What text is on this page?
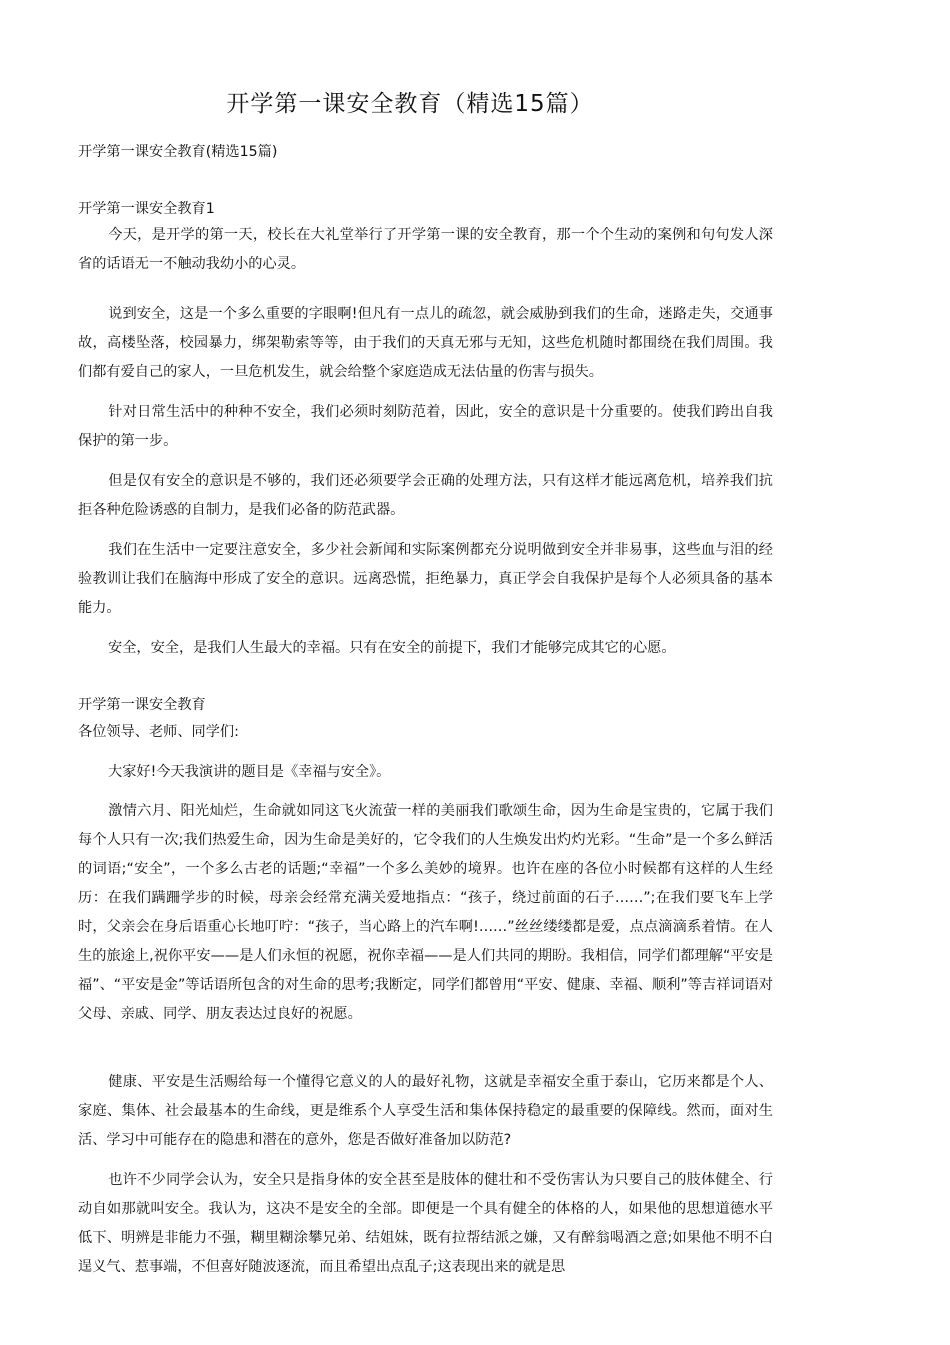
开学第一课安全教育（精选15篇）
开学第一课安全教育(精选15篇)
开学第一课安全教育1
今天，是开学的第一天，校长在大礼堂举行了开学第一课的安全教育，那一个个生动的案例和句句发人深省的话语无一不触动我幼小的心灵。
说到安全，这是一个多么重要的字眼啊!但凡有一点儿的疏忽，就会威胁到我们的生命，迷路走失，交通事故，高楼坠落，校园暴力，绑架勒索等等，由于我们的天真无邪与无知，这些危机随时都围绕在我们周围。我们都有爱自己的家人，一旦危机发生，就会给整个家庭造成无法估量的伤害与损失。
针对日常生活中的种种不安全，我们必须时刻防范着，因此，安全的意识是十分重要的。使我们跨出自我保护的第一步。
但是仅有安全的意识是不够的，我们还必须要学会正确的处理方法，只有这样才能远离危机，培养我们抗拒各种危险诱惑的自制力，是我们必备的防范武器。
我们在生活中一定要注意安全，多少社会新闻和实际案例都充分说明做到安全并非易事，这些血与泪的经验教训让我们在脑海中形成了安全的意识。远离恐慌，拒绝暴力，真正学会自我保护是每个人必须具备的基本能力。
安全，安全，是我们人生最大的幸福。只有在安全的前提下，我们才能够完成其它的心愿。
开学第一课安全教育
各位领导、老师、同学们:
大家好!今天我演讲的题目是《幸福与安全》。
激情六月、阳光灿烂，生命就如同这飞火流萤一样的美丽我们歌颂生命，因为生命是宝贵的，它属于我们每个人只有一次;我们热爱生命，因为生命是美好的，它令我们的人生焕发出灼灼光彩。“生命”是一个多么鲜活的词语;“安全”，一个多么古老的话题;“幸福”一个多么美妙的境界。也许在座的各位小时候都有这样的人生经历：在我们蹒跚学步的时候，母亲会经常充满关爱地指点：“孩子，绕过前面的石子……”;在我们要飞车上学时，父亲会在身后语重心长地叮咛：“孩子，当心路上的汽车啊!……”丝丝缕缕都是爱，点点滴滴系着情。在人生的旅途上,祝你平安——是人们永恒的祝愿，祝你幸福——是人们共同的期盼。我相信，同学们都理解“平安是福”、“平安是金”等话语所包含的对生命的思考;我断定，同学们都曾用“平安、健康、幸福、顺利”等吉祥词语对父母、亲戚、同学、朋友表达过良好的祝愿。
健康、平安是生活赐给每一个懂得它意义的人的最好礼物，这就是幸福安全重于泰山，它历来都是个人、家庭、集体、社会最基本的生命线，更是维系个人享受生活和集体保持稳定的最重要的保障线。然而，面对生活、学习中可能存在的隐患和潜在的意外，您是否做好准备加以防范?
也许不少同学会认为，安全只是指身体的安全甚至是肢体的健壮和不受伤害认为只要自己的肢体健全、行动自如那就叫安全。我认为，这决不是安全的全部。即便是一个具有健全的体格的人，如果他的思想道德水平低下、明辨是非能力不强，糊里糊涂攀兄弟、结姐妹，既有拉帮结派之嫌，又有醉翁喝酒之意;如果他不明不白逞义气、惹事端，不但喜好随波逐流，而且希望出点乱子;这表现出来的就是思
